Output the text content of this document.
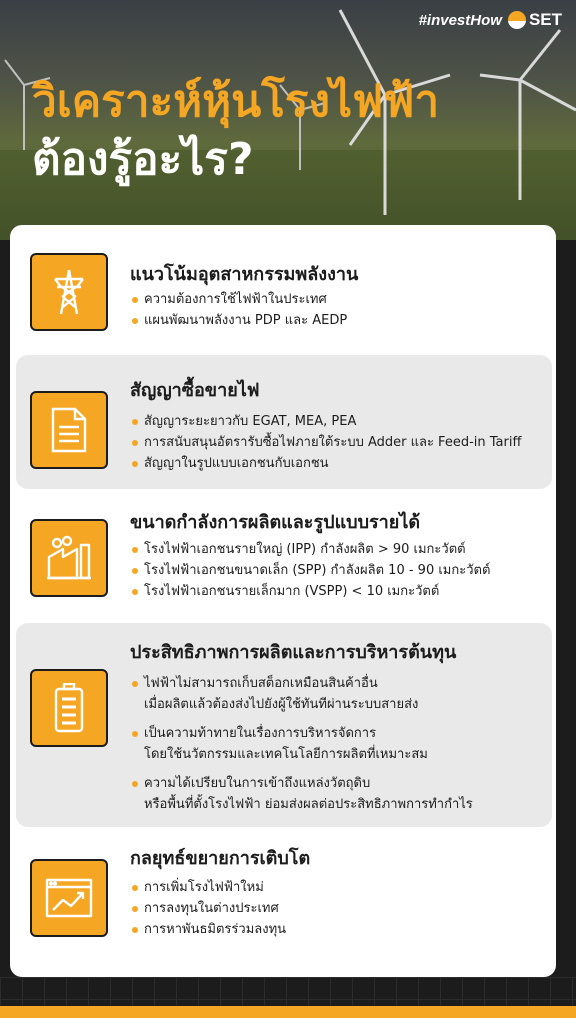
#investHow SET
วิเคราะห์หุ้นโรงไฟฟ้า
ต้องรู้อะไร?
แนวโน้มอุตสาหกรรมพลังงาน
ความต้องการใช้ไฟฟ้าในประเทศ
แผนพัฒนาพลังงาน PDP และ AEDP
สัญญาซื้อขายไฟ
สัญญาระยะยาวกับ EGAT, MEA, PEA
การสนับสนุนอัตรารับซื้อไฟภายใต้ระบบ Adder และ Feed-in Tariff
สัญญาในรูปแบบเอกชนกับเอกชน
ขนาดกำลังการผลิตและรูปแบบรายได้
โรงไฟฟ้าเอกชนรายใหญ่ (IPP) กำลังผลิต > 90 เมกะวัตต์
โรงไฟฟ้าเอกชนขนาดเล็ก (SPP) กำลังผลิต 10 - 90 เมกะวัตต์
โรงไฟฟ้าเอกชนรายเล็กมาก (VSPP) < 10 เมกะวัตต์
ประสิทธิภาพการผลิตและการบริหารต้นทุน
ไฟฟ้าไม่สามารถเก็บสต็อกเหมือนสินค้าอื่น
เมื่อผลิตแล้วต้องส่งไปยังผู้ใช้ทันทีผ่านระบบสายส่ง
เป็นความท้าทายในเรื่องการบริหารจัดการ
โดยใช้นวัตกรรมและเทคโนโลยีการผลิตที่เหมาะสม
ความได้เปรียบในการเข้าถึงแหล่งวัตถุดิบ
หรือพื้นที่ตั้งโรงไฟฟ้า ย่อมส่งผลต่อประสิทธิภาพการทำกำไร
กลยุทธ์ขยายการเติบโต
การเพิ่มโรงไฟฟ้าใหม่
การลงทุนในต่างประเทศ
การหาพันธมิตรร่วมลงทุน
